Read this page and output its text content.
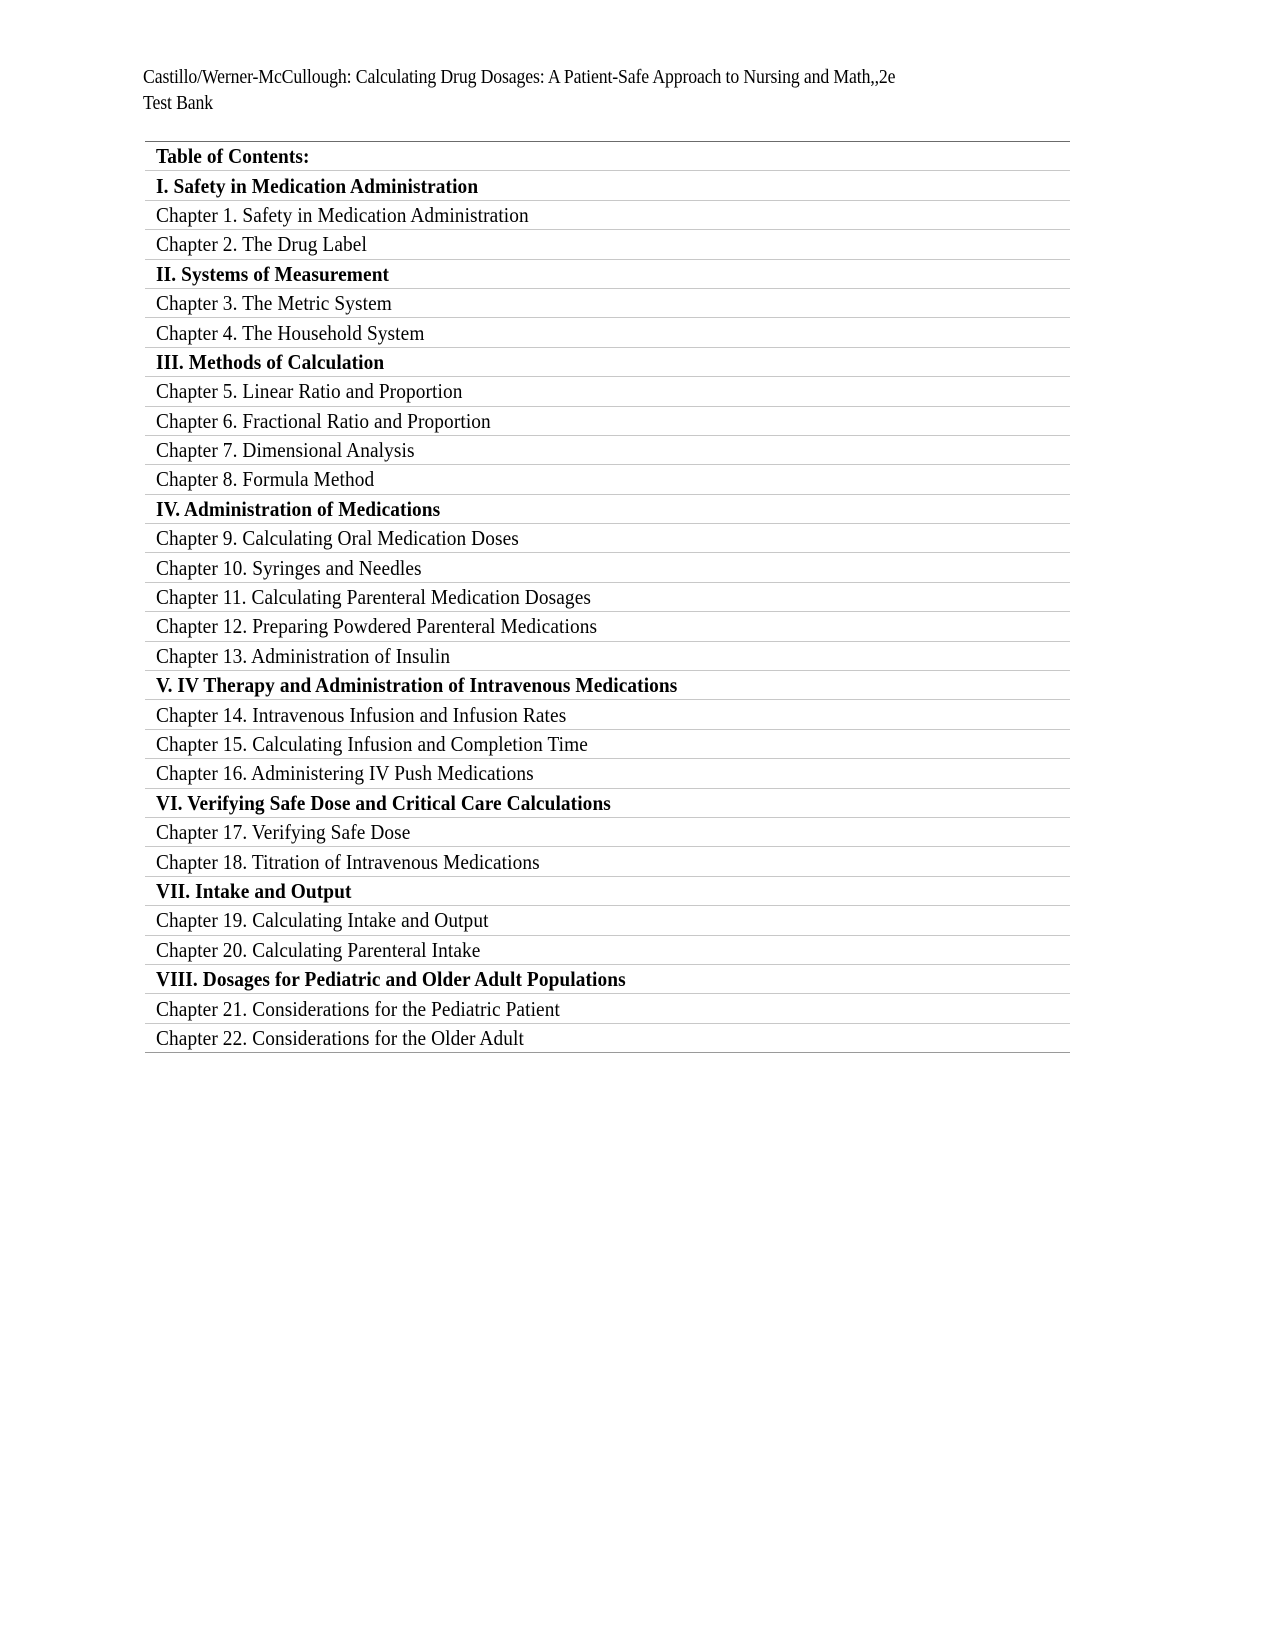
Castillo/Werner-McCullough: Calculating Drug Dosages: A Patient-Safe Approach to Nursing and Math,,2e
Test Bank
Table of Contents:
I. Safety in Medication Administration
Chapter 1. Safety in Medication Administration
Chapter 2. The Drug Label
II. Systems of Measurement
Chapter 3. The Metric System
Chapter 4. The Household System
III. Methods of Calculation
Chapter 5. Linear Ratio and Proportion
Chapter 6. Fractional Ratio and Proportion
Chapter 7. Dimensional Analysis
Chapter 8. Formula Method
IV. Administration of Medications
Chapter 9. Calculating Oral Medication Doses
Chapter 10. Syringes and Needles
Chapter 11. Calculating Parenteral Medication Dosages
Chapter 12. Preparing Powdered Parenteral Medications
Chapter 13. Administration of Insulin
V. IV Therapy and Administration of Intravenous Medications
Chapter 14. Intravenous Infusion and Infusion Rates
Chapter 15. Calculating Infusion and Completion Time
Chapter 16. Administering IV Push Medications
VI. Verifying Safe Dose and Critical Care Calculations
Chapter 17. Verifying Safe Dose
Chapter 18. Titration of Intravenous Medications
VII. Intake and Output
Chapter 19. Calculating Intake and Output
Chapter 20. Calculating Parenteral Intake
VIII. Dosages for Pediatric and Older Adult Populations
Chapter 21. Considerations for the Pediatric Patient
Chapter 22. Considerations for the Older Adult
